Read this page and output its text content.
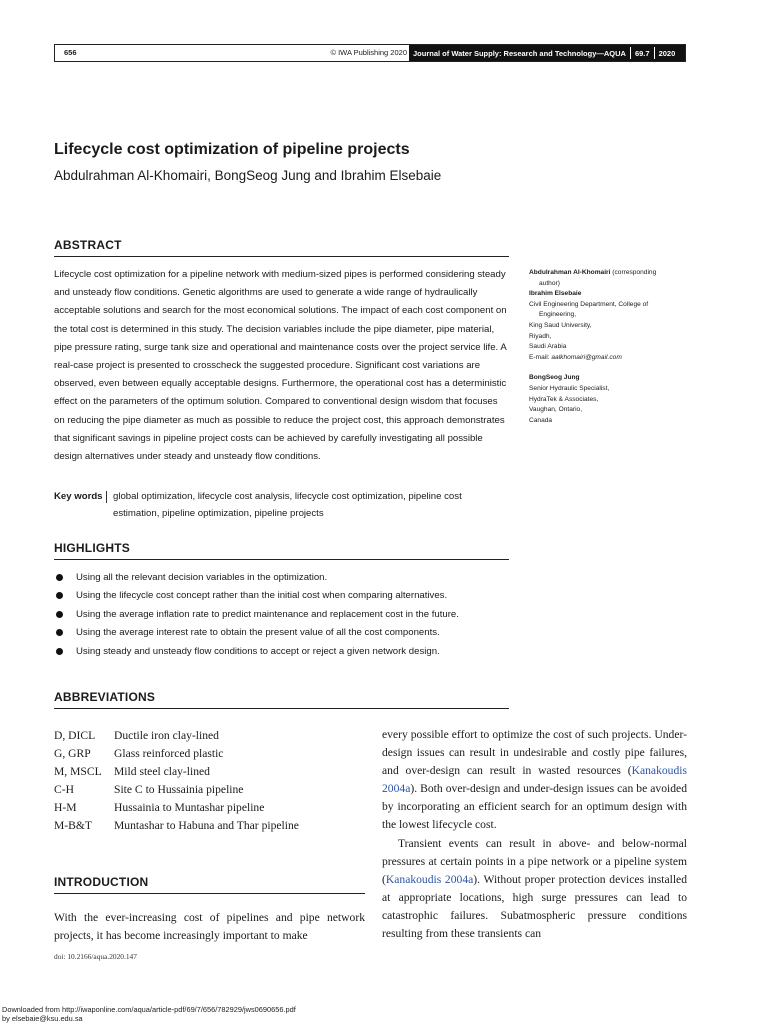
656	© IWA Publishing 2020 Journal of Water Supply: Research and Technology—AQUA	69.7	2020
Lifecycle cost optimization of pipeline projects
Abdulrahman Al-Khomairi, BongSeog Jung and Ibrahim Elsebaie
ABSTRACT
Lifecycle cost optimization for a pipeline network with medium-sized pipes is performed considering steady and unsteady flow conditions. Genetic algorithms are used to generate a wide range of hydraulically acceptable solutions and search for the most economical solutions. The impact of each cost component on the total cost is determined in this study. The decision variables include the pipe diameter, pipe material, pipe pressure rating, surge tank size and operational and maintenance costs over the project service life. A real-case project is presented to crosscheck the suggested procedure. Significant cost variations are observed, even between equally acceptable designs. Furthermore, the operational cost has a deterministic effect on the parameters of the optimum solution. Compared to conventional design wisdom that focuses on reducing the pipe diameter as much as possible to reduce the project cost, this approach demonstrates that significant savings in pipeline project costs can be achieved by carefully investigating all possible design alternatives under steady and unsteady flow conditions.
Key words	global optimization, lifecycle cost analysis, lifecycle cost optimization, pipeline cost estimation, pipeline optimization, pipeline projects
Abdulrahman Al-Khomairi (corresponding
author)
Ibrahim Elsebaie
Civil Engineering Department, College of
Engineering,
King Saud University,
Riyadh,
Saudi Arabia
E-mail: aalkhomairi@gmail.com
BongSeog Jung
Senior Hydraulic Specialist,
HydraTek & Associates,
Vaughan, Ontario,
Canada
HIGHLIGHTS
Using all the relevant decision variables in the optimization.
Using the lifecycle cost concept rather than the initial cost when comparing alternatives.
Using the average inflation rate to predict maintenance and replacement cost in the future.
Using the average interest rate to obtain the present value of all the cost components.
Using steady and unsteady flow conditions to accept or reject a given network design.
ABBREVIATIONS
D, DICL	Ductile iron clay-lined
G, GRP	Glass reinforced plastic
M, MSCL	Mild steel clay-lined
C-H	Site C to Hussainia pipeline
H-M	Hussainia to Muntashar pipeline
M-B&T	Muntashar to Habuna and Thar pipeline
INTRODUCTION
With the ever-increasing cost of pipelines and pipe network projects, it has become increasingly important to make

every possible effort to optimize the cost of such projects. Under-design issues can result in undesirable and costly pipe failures, and over-design can result in wasted resources (Kanakoudis 2004a). Both over-design and under-design issues can be avoided by incorporating an efficient search for an optimum design with the lowest lifecycle cost.

Transient events can result in above- and below-normal pressures at certain points in a pipe network or a pipeline system (Kanakoudis 2004a). Without proper protection devices installed at appropriate locations, high surge pressures can lead to catastrophic failures. Subatmospheric pressure conditions resulting from these transients can

doi: 10.2166/aqua.2020.147
Downloaded from http://iwaponline.com/aqua/article-pdf/69/7/656/782929/jws0690656.pdf
by elsebaie@ksu.edu.sa
